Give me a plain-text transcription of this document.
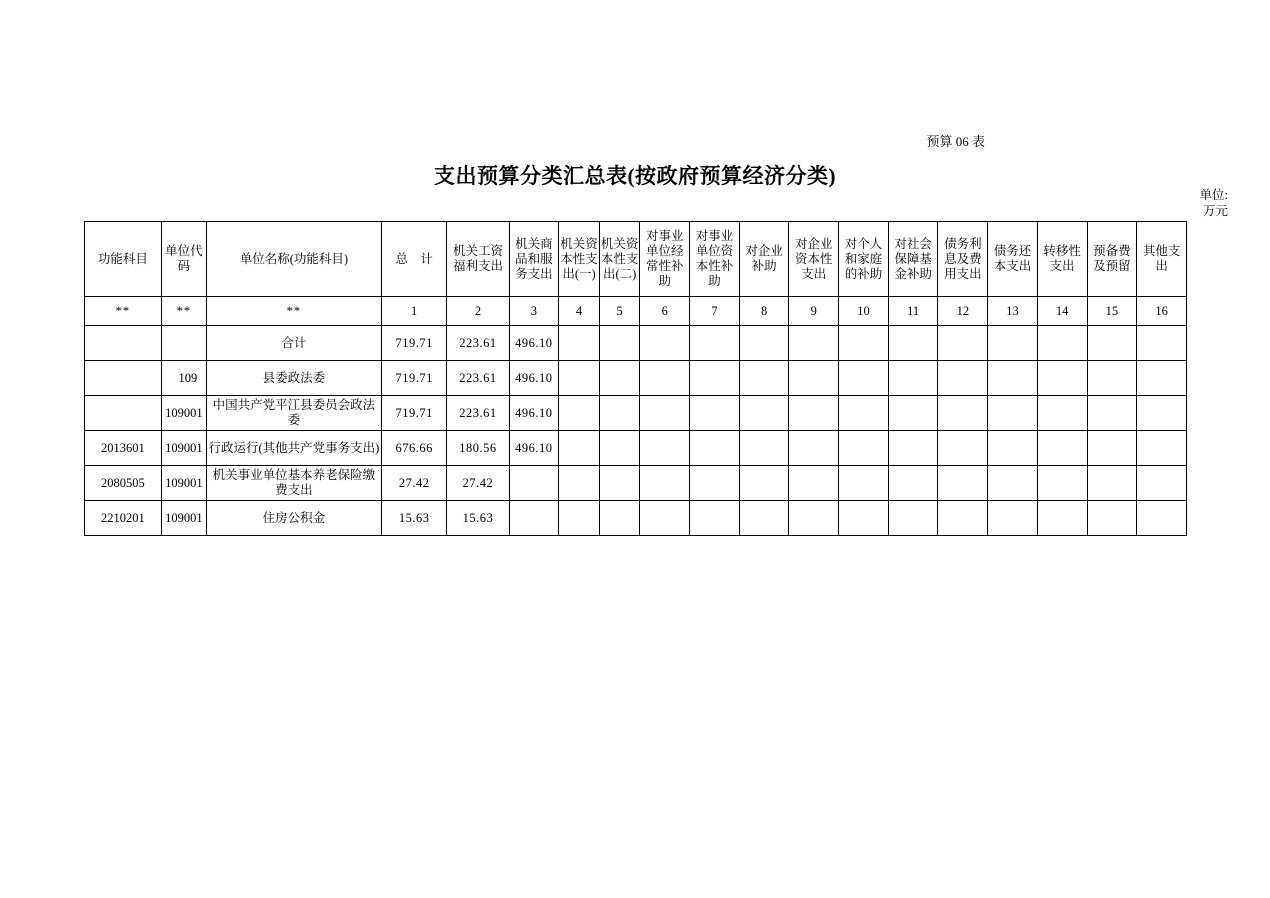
预算 06 表
支出预算分类汇总表(按政府预算经济分类)
单位:
万元
功能科目	单位代码	单位名称(功能科目)	总　计	机关工资福利支出	机关商品和服务支出	机关资本性支出(一)	机关资本性支出(二)	对事业单位经常性补助	对事业单位资本性补助	对企业补助	对企业资本性支出	对个人和家庭的补助	对社会保障基金补助	债务利息及费用支出	债务还本支出	转移性支出	预备费及预留	其他支出
**	**	**	1	2	3	4	5	6	7	8	9	10	11	12	13	14	15	16
		合计	719.71	223.61	496.10													
	109	县委政法委	719.71	223.61	496.10													
	109001	中国共产党平江县委员会政法委	719.71	223.61	496.10													
2013601	109001	行政运行(其他共产党事务支出)	676.66	180.56	496.10													
2080505	109001	机关事业单位基本养老保险缴费支出	27.42	27.42														
2210201	109001	住房公积金	15.63	15.63														
